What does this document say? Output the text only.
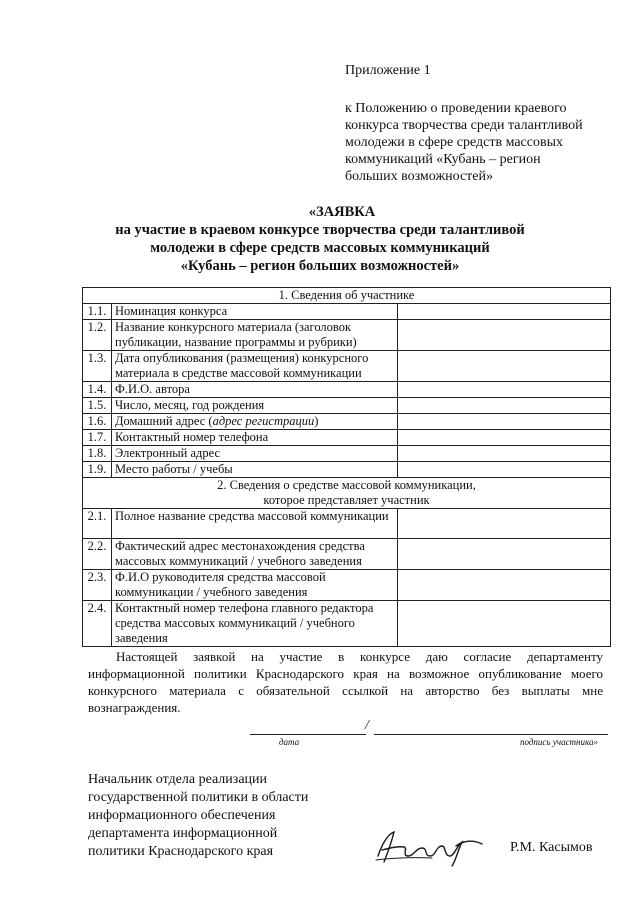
Приложение 1
к Положению о проведении краевого
конкурса творчества среди талантливой
молодежи в сфере средств массовых
коммуникаций «Кубань – регион
больших возможностей»
«ЗАЯВКА
на участие в краевом конкурсе творчества среди талантливой
молодежи в сфере средств массовых коммуникаций
«Кубань – регион больших возможностей»
1. Сведения об участнике		
1.1.	Номинация конкурса	
1.2.	Название конкурсного материала (заголовок публикации, название программы и рубрики)	
1.3.	Дата опубликования (размещения) конкурсного материала в средстве массовой коммуникации	
1.4.	Ф.И.О. автора	
1.5.	Число, месяц, год рождения	
1.6.	Домашний адрес (адрес регистрации)	
1.7.	Контактный номер телефона	
1.8.	Электронный адрес	
1.9.	Место работы / учебы	

2. Сведения о средстве массовой коммуникации,
которое представляет участник		

2.1.	Полное название средства массовой коммуникации	
2.2.	Фактический адрес местонахождения средства массовых коммуникаций / учебного заведения	
2.3.	Ф.И.О руководителя средства массовой коммуникации / учебного заведения	
2.4.	Контактный номер телефона главного редактора средства массовых коммуникаций / учебного заведения	

Настоящей заявкой на участие в конкурсе даю согласие департаменту информационной политики Краснодарского края на возможное опубликование моего конкурсного материала с обязательной ссылкой на авторство без выплаты мне вознаграждения.

/
дата	подпись участника»
Начальник отдела реализации
государственной политики в области
информационного обеспечения
департамента информационной
политики Краснодарского края	Р.М. Касымов
